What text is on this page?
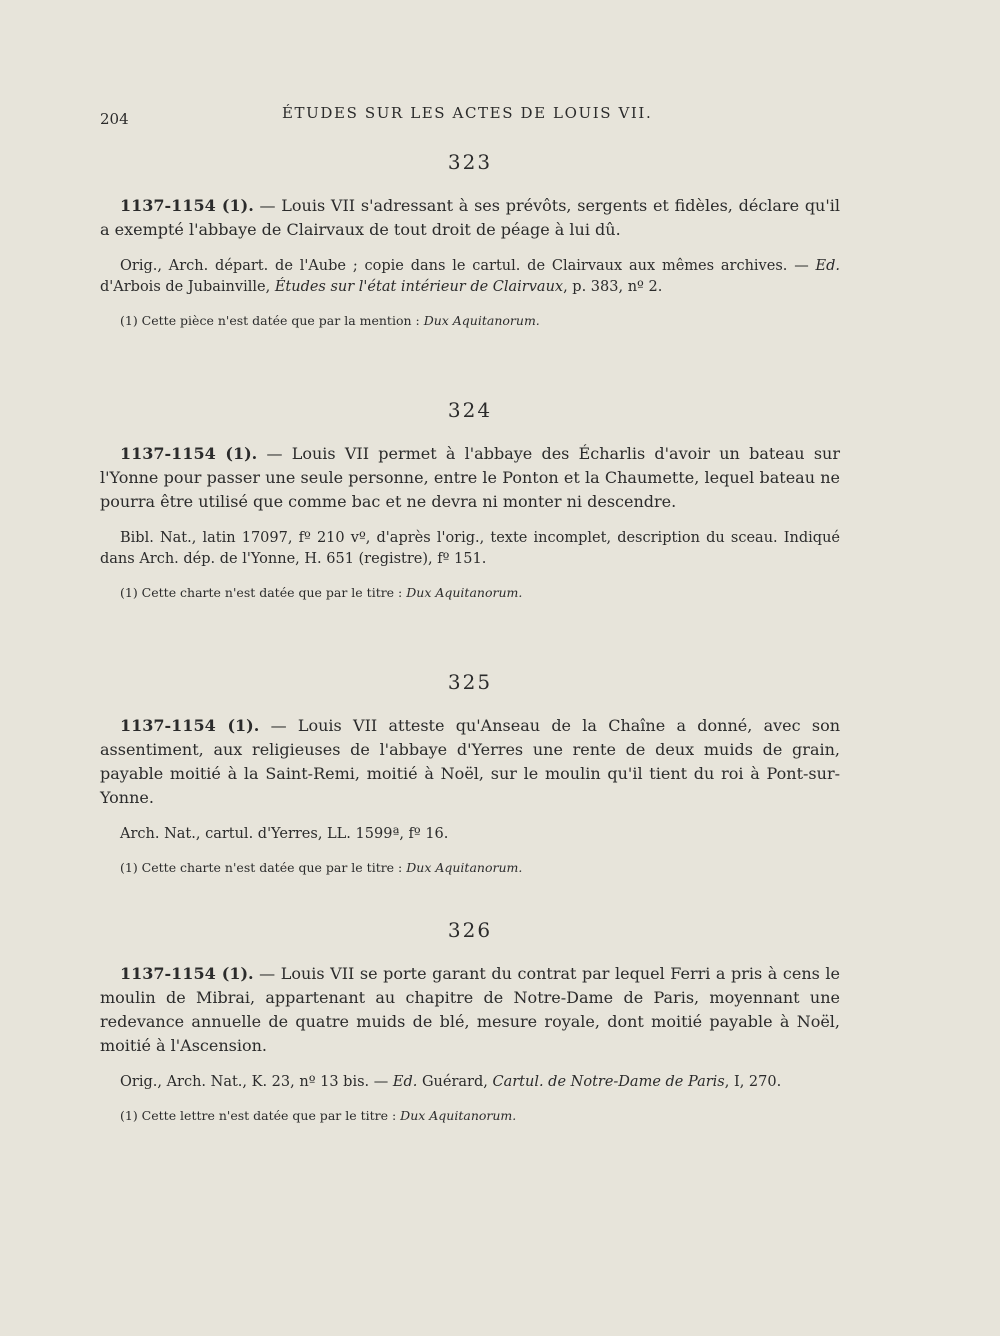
204	ÉTUDES SUR LES ACTES DE LOUIS VII.
323

1137-1154 (1). — Louis VII s'adressant à ses prévôts, sergents et fidèles, déclare qu'il a exempté l'abbaye de Clairvaux de tout droit de péage à lui dû.

Orig., Arch. départ. de l'Aube ; copie dans le cartul. de Clairvaux aux mêmes archives. — Ed. d'Arbois de Jubainville, Études sur l'état intérieur de Clairvaux, p. 383, nº 2.

(1) Cette pièce n'est datée que par la mention : Dux Aquitanorum.

324

1137-1154 (1). — Louis VII permet à l'abbaye des Écharlis d'avoir un bateau sur l'Yonne pour passer une seule personne, entre le Ponton et la Chaumette, lequel bateau ne pourra être utilisé que comme bac et ne devra ni monter ni descendre.

Bibl. Nat., latin 17097, fº 210 vº, d'après l'orig., texte incomplet, description du sceau. Indiqué dans Arch. dép. de l'Yonne, H. 651 (registre), fº 151.

(1) Cette charte n'est datée que par le titre : Dux Aquitanorum.

325

1137-1154 (1). — Louis VII atteste qu'Anseau de la Chaîne a donné, avec son assentiment, aux religieuses de l'abbaye d'Yerres une rente de deux muids de grain, payable moitié à la Saint-Remi, moitié à Noël, sur le moulin qu'il tient du roi à Pont-sur-Yonne.

Arch. Nat., cartul. d'Yerres, LL. 1599ª, fº 16.

(1) Cette charte n'est datée que par le titre : Dux Aquitanorum.

326

1137-1154 (1). — Louis VII se porte garant du contrat par lequel Ferri a pris à cens le moulin de Mibrai, appartenant au chapitre de Notre-Dame de Paris, moyennant une redevance annuelle de quatre muids de blé, mesure royale, dont moitié payable à Noël, moitié à l'Ascension.

Orig., Arch. Nat., K. 23, nº 13 bis. — Ed. Guérard, Cartul. de Notre-Dame de Paris, I, 270.

(1) Cette lettre n'est datée que par le titre : Dux Aquitanorum.
